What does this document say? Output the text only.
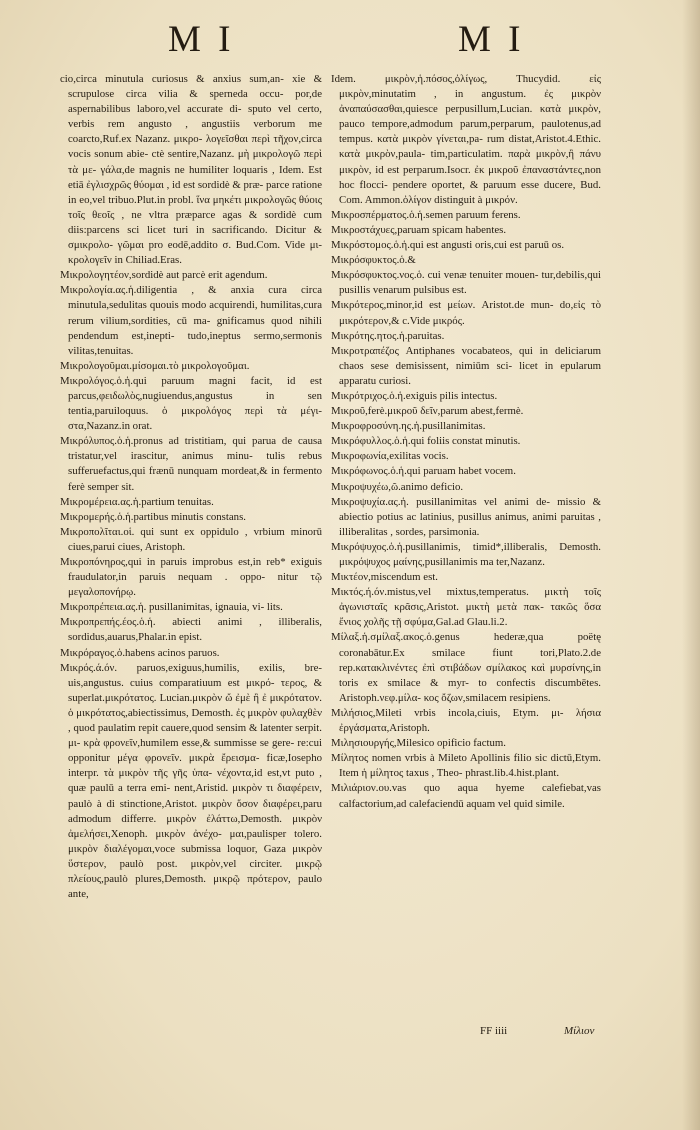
M I	M I

cio,circa minutula curiosus & anxius sum,an- xie & scrupulose circa vilia & sperneda occu- por,de aspernabilibus laboro,vel accurate di- sputo vel certo, verbis rem angusto , angustiis verborum me coarcto,Ruf.ex Nazanz. μικρο- λογεῖσθαι περὶ τῆχον,circa vocis sonum abie- ctè sentire,Nazanz. μὴ μικρολογῶ περὶ τὰ με- γάλα,de magnis ne humiliter loquaris , Idem. Est etiā ἐγλισχρῶς θύομαι , id est sordidè & præ- parce ratione in eo,vel tribuo.Plut.in probl. ἵνα μηκέτι μικρολογῶς θύοις τοῖς θεοῖς , ne vltra præparce agas & sordidè cum diis:parcens sci licet turi in sacrificando. Dicitur & σμικρολο- γῶμαι pro eodē,addito σ. Bud.Com. Vide μι- κρολογεῖν in Chiliad.Eras.

Μικρολογητέον,sordidè aut parcè erit agendum.

Μικρολογία.ας.ἡ.diligentia , & anxia cura circa minutula,sedulitas quouis modo acquirendi, humilitas,cura rerum vilium,sordities, cū ma- gnificamus quod nihili pendendum est,inepti- tudo,ineptus sermo,sermonis vilitas,tenuitas.

Μικρολογοῦμαι.μίσομαι.τὸ μικρολογοῦμαι.

Μικρολόγος.ὁ.ἡ.qui paruum magni facit, id est parcus,φειδωλὸς,nugiuendus,angustus in sen tentia,paruiloquus. ὁ μικρολόγος περὶ τὰ μέγι- στα,Nazanz.in orat.

Μικρόλυπος.ὁ.ἡ.pronus ad tristitiam, qui parua de causa tristatur,vel irascitur, animus minu- tulis rebus sufferuefactus,qui frænū nunquam mordeat,& in fermento ferè semper sit.

Μικρομέρεια.ας.ἡ.partium tenuitas.

Μικρομερής.ὁ.ἡ.partibus minutis constans.

Μικροπολῖται.οἱ. qui sunt ex oppidulo , vrbium minorū ciues,parui ciues, Aristoph.

Μικροπόνηρος,qui in paruis improbus est,in reb* exiguis fraudulator,in paruis nequam . oppo- nitur τῷ μεγαλοπονήρῳ.

Μικροπρέπεια.ας.ἡ. pusillanimitas, ignauia, vi- lits.

Μικροπρεπής.έος.ὁ.ἡ. abiecti animi , illiberalis, sordidus,auarus,Phalar.in epist.

Μικρόραγος.ὁ.habens acinos paruos.

Μικρός.ά.όν. paruos,exiguus,humilis, exilis, bre- uis,angustus. cuius comparatiuum est μικρό- τερος, & superlat.μικρότατος. Lucian.μικρὸν ὤ ἐμὲ ἢ ἐ μικρότατον. ὁ μικρότατος,abiectissimus, Demosth. ἐς μικρὸν φυλαχθὲν , quod paulatim repit cauere,quod sensim & latenter serpit. μι- κρὰ φρονεῖν,humilem esse,& summisse se gere- re:cui opponitur μέγα φρονεῖν. μικρὰ ἔρεισμα- ficæ,Iosepho interpr. τὰ μικρὸν τῆς γῆς ὑπα- νέχοντα,id est,vt puto , quæ paulū a terra emi- nent,Aristid. μικρὸν τι διαφέρειν, paulò à di stinctione,Aristot. μικρὸν ὅσον διαφέρει,paru admodum differre. μικρὸν ἐλάττω,Demosth. μικρὸν ἀμελήσει,Xenoph. μικρὸν ἀνέχο- μαι,paulisper tolero. μικρὸν διαλέγομαι,voce submissa loquor, Gaza μικρὸν ὕστερον, paulò post. μικρὸν,vel circiter. μικρῷ πλείους,paulò plures,Demosth. μικρῷ πρότερον, paulo ante,

Idem. μικρὸν,ἡ.πόσος,ὀλίγως, Thucydid. εἰς μικρὸν,minutatim , in angustum. ἐς μικρὸν ἀναπαύσασθαι,quiesce perpusillum,Lucian. κατὰ μικρὸν, pauco tempore,admodum parum,perparum, paulotenus,ad tempus. κατὰ μικρὸν γίνεται,pa- rum distat,Aristot.4.Ethic. κατὰ μικρὸν,paula- tim,particulatim. παρὰ μικρὸν,ἢ πάνυ μικρὸν, id est perparum.Isocr. ἐκ μικροῦ ἐπαναστάντες,non hoc flocci- pendere oportet, & paruum esse ducere, Bud. Com. Ammon.ὀλίγον distinguit à μικρόν.

Μικροσπέρματος.ὁ.ἡ.semen paruum ferens.

Μικροστάχυες,paruam spicam habentes.

Μικρόστομος.ὁ.ἡ.qui est angusti oris,cui est paruū os.

Μικρόσφυκτος.ὁ.&

Μικρόσφυκτος.νος.ὁ. cui venæ tenuiter mouen- tur,debilis,qui pusillis venarum pulsibus est.

Μικρότερος,minor,id est μείων. Aristot.de mun- do,εἰς τὸ μικρότερον,& c.Vide μικρός.

Μικρότης.ητος.ἡ.paruitas.

Μικροτραπέζος Antiphanes vocabateos, qui in deliciarum chaos sese demisissent, nimiūm sci- licet in epularum apparatu curiosi.

Μικρότριχος.ὁ.ἡ.exiguis pilis intectus.

Μικροῦ,ferè.μικροῦ δεῖν,parum abest,fermè.

Μικροφροσύνη.ης.ἡ.pusillanimitas.

Μικρόφυλλος.ὁ.ἡ.qui foliis constat minutis.

Μικροφωνία,exilitas vocis.

Μικρόφωνος.ὁ.ἡ.qui paruam habet vocem.

Μικροψυχέω,ῶ.animo deficio.

Μικροψυχία.ας.ἡ. pusillanimitas vel animi de- missio & abiectio potius ac latinius, pusillus animus, animi paruitas , illiberalitas , sordes, parsimonia.

Μικρόψυχος.ὁ.ἡ.pusillanimis, timid*,illiberalis, Demosth. μικρόψυχος μαίνης,pusillanimis ma ter,Nazanz.

Μικτέον,miscendum est.

Μικτός.ή.όν.mistus,vel mixtus,temperatus. μικτὴ τοῖς ἀγωνισταῖς κρᾶσις,Aristot. μικτὴ μετὰ πακ- τακῶς ὅσα ἔνιος χολῆς τῇ σφύμα,Gal.ad Glau.li.2.

Μίλαξ.ἡ.σμίλαξ.ακος.ὁ.genus hederæ,qua poëtę coronabātur.Ex smilace fiunt tori,Plato.2.de rep.κατακλινέντες ἐπὶ στιβάδων σμίλακος καὶ μυρσίνης,in toris ex smilace & myr- to confectis discumbētes. Aristoph.νεφ.μίλα- κος ὄζων,smilacem resipiens.

Μιλήσιος,Mileti vrbis incola,ciuis, Etym. μι- λήσια ἐργάσματα,Aristoph.

Μιλησιουργής,Milesico opificio factum.

Μίλητος nomen vrbis à Mileto Apollinis filio sic dictū,Etym. Item ἡ μίλητος taxus , Theo- phrast.lib.4.hist.plant.

Μιλιάριον.ου.vas quo aqua hyeme calefiebat,vas calfactorium,ad calefaciendū aquam vel quid simile.

FF iiii	Μίλιον
